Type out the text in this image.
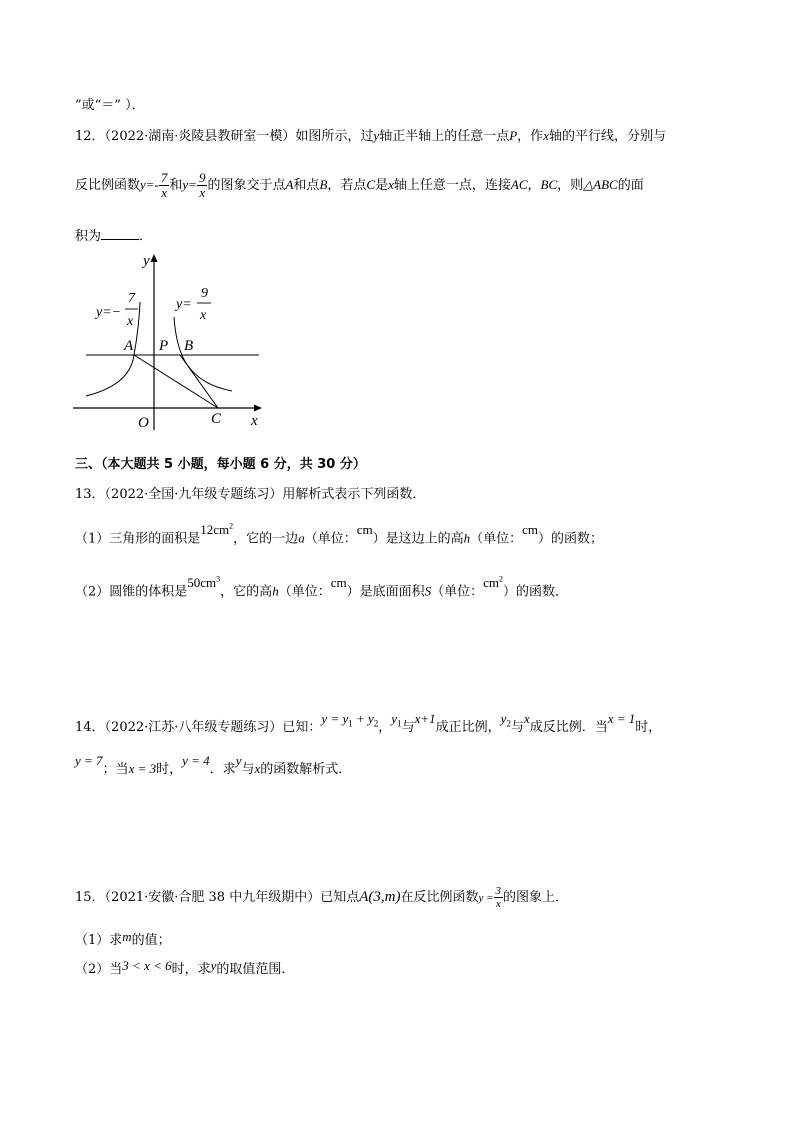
”或“＝” ）．
12．（2022·湖南·炎陵县教研室一模）如图所示，过y轴正半轴上的任意一点P，作x轴的平行线，分别与
反比例函数$y=- \frac{7}{x}$ 和$y= \frac{9}{x}$ 的图象交于点A和点B，若点C是x轴上任意一点，连接AC，BC，则△ABC的面
积为	．
y
x
O
A P B
C
y=−
7
x
y=
9
x
三、（本大题共 5 小题，每小题 6 分，共 30 分）
13．（2022·全国·九年级专题练习）用解析式表示下列函数．
（1）三角形的面积是$12cm^2$，它的一边a（单位：cm）是这边上的高h（单位：cm）的函数；
（2）圆锥的体积是$50cm^3$，它的高h（单位：cm）是底面面积S（单位：$cm^2$）的函数．
14．（2022·江苏·八年级专题练习）已知：$y = y_1 + y_2$，$y_1$与x+1成正比例，$y_2$与x成反比例．当x = 1时，
y = 7；当x = 3时，y = 4．求y与x的函数解析式．
15．（2021·安徽·合肥 38 中九年级期中）已知点A(3,m)在反比例函数$y = \frac{3}{x}$ 的图象上．
（1）求m的值；
（2）当3 < x < 6时，求y的取值范围．
